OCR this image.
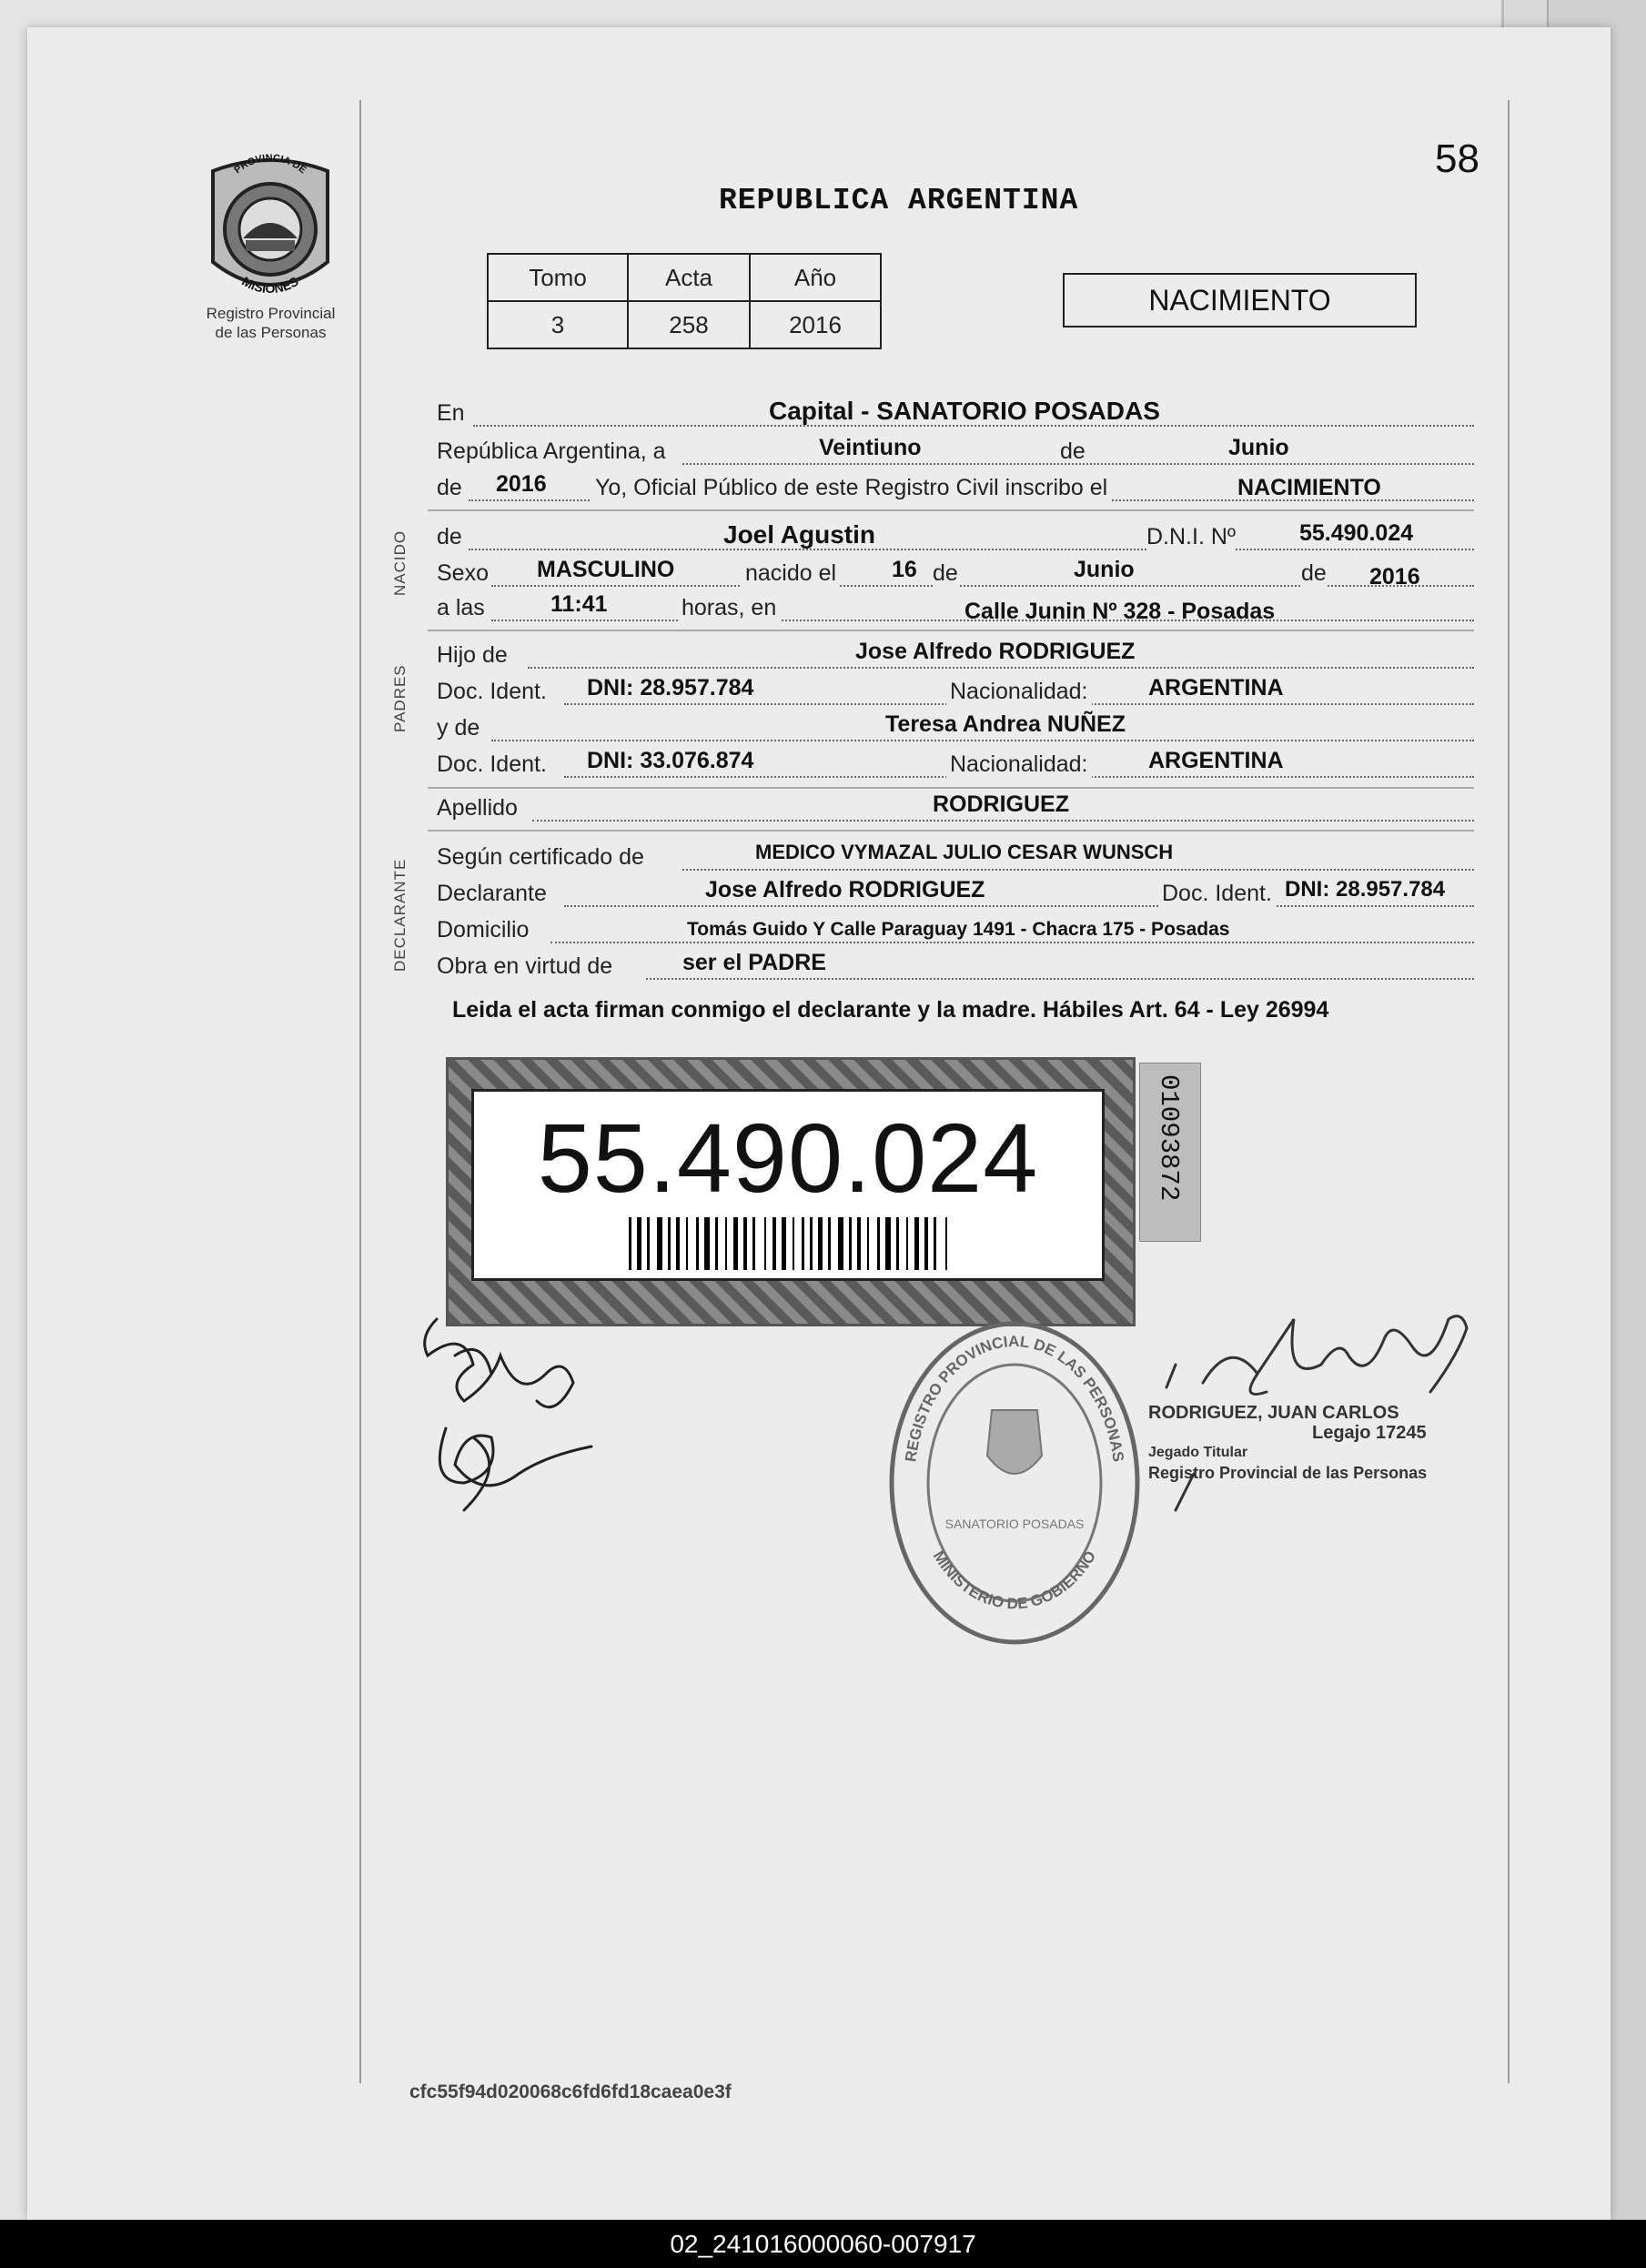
58
PROVINCIA DE
MISIONES
Registro Provincial
de las Personas
REPUBLICA ARGENTINA
Tomo	Acta	Año
3	258	2016
NACIMIENTO
En	Capital - SANATORIO POSADAS
República Argentina, a	Veintiuno	de	Junio
de 2016 Yo, Oficial Público de este Registro Civil inscribo el	NACIMIENTO
NACIDO de	Joel Agustin	D.N.I. Nº	55.490.024
Sexo MASCULINO	nacido el 16 de	Junio	de 2016
a las	11:41	horas, en	Calle Junin Nº 328 - Posadas
PADRES
Hijo de	Jose Alfredo RODRIGUEZ
Doc. Ident. DNI: 28.957.784	Nacionalidad:	ARGENTINA
y de	Teresa Andrea NUÑEZ
Doc. Ident. DNI: 33.076.874	Nacionalidad:	ARGENTINA
Apellido	RODRIGUEZ
DECLARANTE
Según certificado de	MEDICO VYMAZAL JULIO CESAR WUNSCH
Declarante	Jose Alfredo RODRIGUEZ	Doc. Ident. DNI: 28.957.784
Domicilio	Tomás Guido Y Calle Paraguay 1491 - Chacra 175 - Posadas
Obra en virtud de	ser el PADRE
Leida el acta firman conmigo el declarante y la madre. Hábiles Art. 64 - Ley 26994
55.490.024	01093872
REGISTRO PROVINCIAL DE LAS PERSONAS
MINISTERIO DE GOBIERNO
SANATORIO POSADAS
RODRIGUEZ, JUAN CARLOS
Legajo 17245
Jegado Titular
Registro Provincial de las Personas
cfc55f94d020068c6fd6fd18caea0e3f
02_241016000060-007917
